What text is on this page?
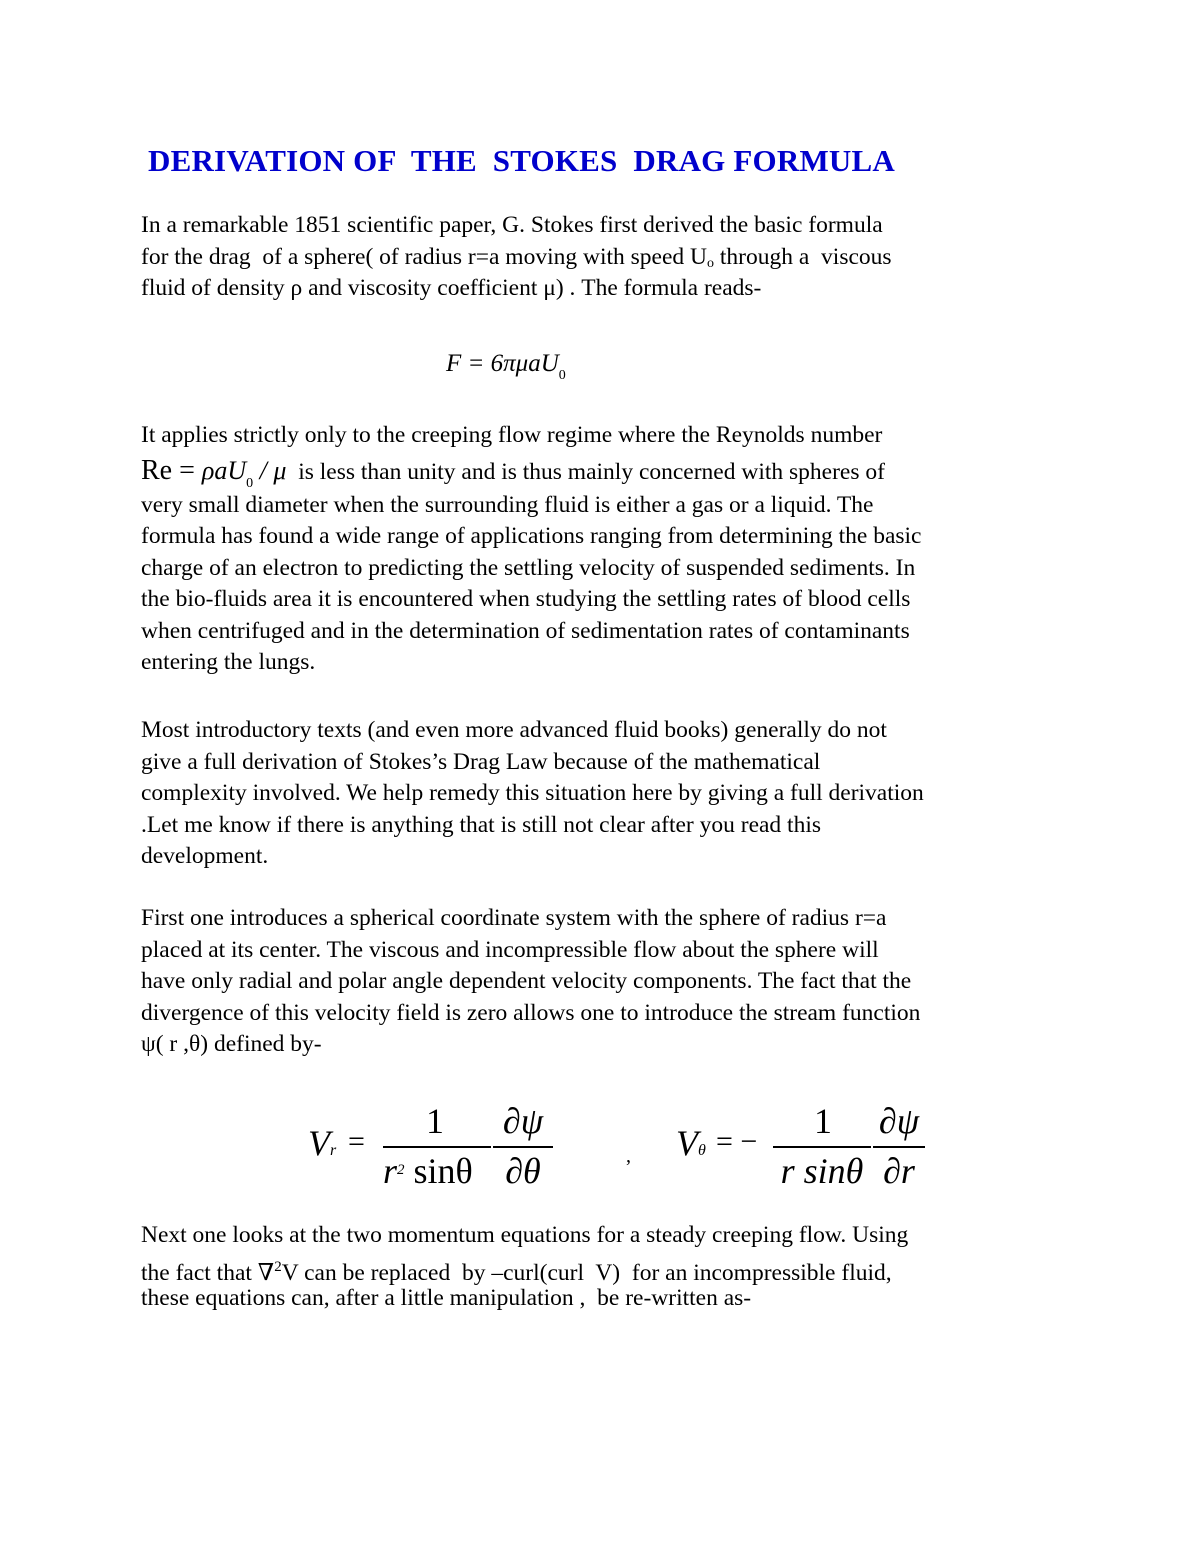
DERIVATION OF  THE  STOKES  DRAG FORMULA
In a remarkable 1851 scientific paper, G. Stokes first derived the basic formula
for the drag  of a sphere( of radius r=a moving with speed $U_o$ through a  viscous
fluid of density ρ and viscosity coefficient μ) . The formula reads-
F = 6πμaU$_0$
It applies strictly only to the creeping flow regime where the Reynolds number
Re = ρaU$_0$ / μ  is less than unity and is thus mainly concerned with spheres of
very small diameter when the surrounding fluid is either a gas or a liquid. The
formula has found a wide range of applications ranging from determining the basic
charge of an electron to predicting the settling velocity of suspended sediments. In
the bio-fluids area it is encountered when studying the settling rates of blood cells
when centrifuged and in the determination of sedimentation rates of contaminants
entering the lungs.
Most introductory texts (and even more advanced fluid books) generally do not
give a full derivation of Stokes’s Drag Law because of the mathematical
complexity involved. We help remedy this situation here by giving a full derivation
.Let me know if there is anything that is still not clear after you read this
development.
First one introduces a spherical coordinate system with the sphere of radius r=a
placed at its center. The viscous and incompressible flow about the sphere will
have only radial and polar angle dependent velocity components. The fact that the
divergence of this velocity field is zero allows one to introduce the stream function
ψ( r ,θ) defined by-
Vr =
1
$r^2$ sinθ
∂ψ
∂θ	, Vθ = −
1
r sinθ
∂ψ
∂r
Next one looks at the two momentum equations for a steady creeping flow. Using
the fact that ∇$^2$V can be replaced  by –curl(curl  V)  for an incompressible fluid,
these equations can, after a little manipulation ,  be re-written as-
